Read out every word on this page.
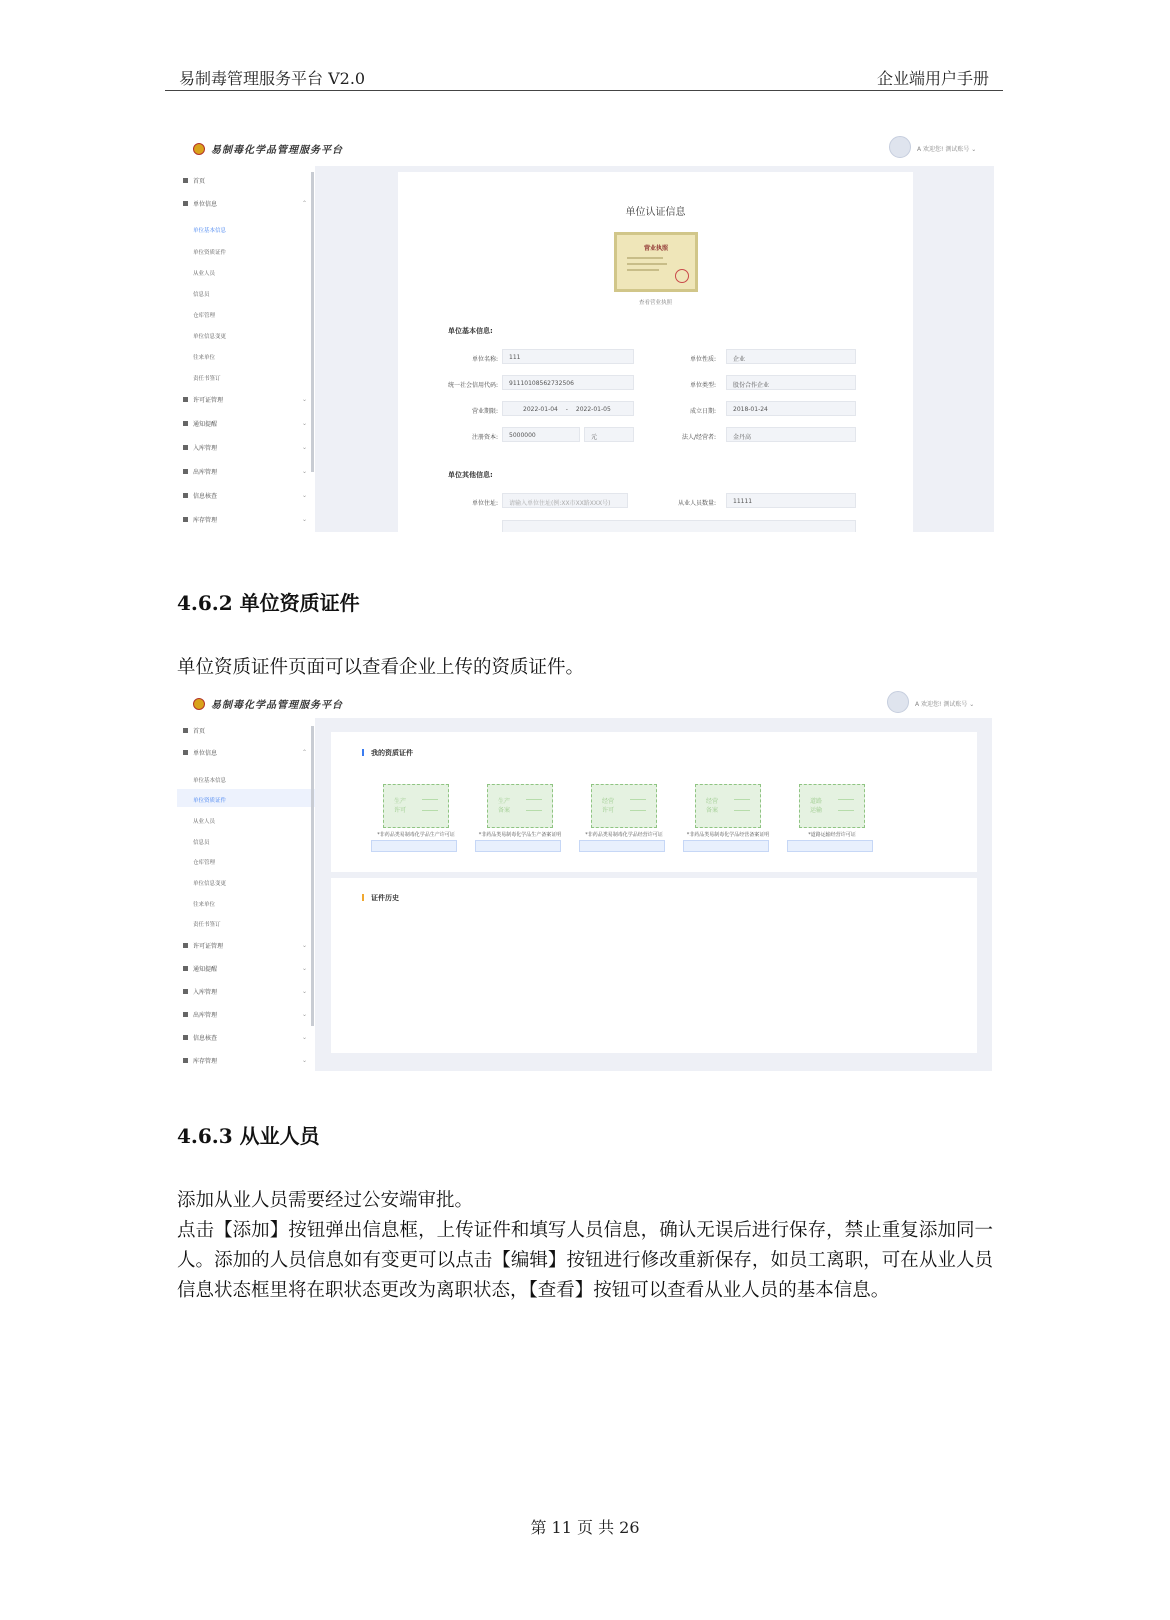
易制毒管理服务平台 V2.0	企业端用户手册
易制毒化学品管理服务平台	A 欢迎您! 测试账号 ⌄
首页
单位信息	⌃
单位基本信息
单位资质证件
从业人员
信息员
仓库管理
单位信息变更
往来单位
责任书签订
许可证管理	⌄
通知提醒	⌄
入库管理	⌄
出库管理	⌄
信息核查	⌄
库存管理	⌄
单位认证信息
营业执照
查看营业执照
单位基本信息:
单位名称:	111	单位性质:	企业
统一社会信用代码:	91110108562732506	单位类型:	股份合作企业
营业期限:	2022-01-04 - 2022-01-05	成立日期:	2018-01-24
注册资本:	5000000	元	法人/经营者:	金丹高
单位其他信息:
单位住址:	请输入单位住址(例:XX市XX路XXX号)	从业人员数量:	11111
4.6.2 单位资质证件
单位资质证件页面可以查看企业上传的资质证件。
易制毒化学品管理服务平台	A 欢迎您! 测试账号 ⌄
首页
单位信息	⌃
单位基本信息
单位资质证件
从业人员
信息员
仓库管理
单位信息变更
往来单位
责任书签订
许可证管理	⌄
通知提醒	⌄
入库管理	⌄
出库管理	⌄
信息核查	⌄
库存管理	⌄
我的资质证件
生产
许可
*非药品类易制毒化学品生产许可证
生产
备案
*非药品类易制毒化学品生产备案证明
经营
许可
*非药品类易制毒化学品经营许可证
经营
备案
*非药品类易制毒化学品经营备案证明
道路
运输
*道路运输经营许可证
证件历史
4.6.3 从业人员
添加从业人员需要经过公安端审批。
点击【添加】按钮弹出信息框，上传证件和填写人员信息，确认无误后进行保存，禁止重复添加同一人。添加的人员信息如有变更可以点击【编辑】按钮进行修改重新保存，如员工离职，可在从业人员信息状态框里将在职状态更改为离职状态，【查看】按钮可以查看从业人员的基本信息。
第 11 页 共 26
